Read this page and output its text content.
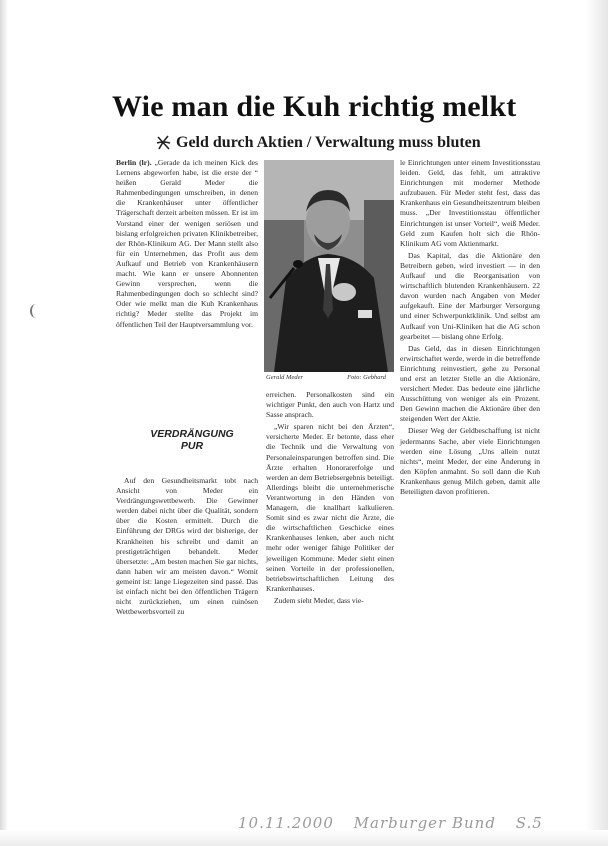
Wie man die Kuh richtig melkt
Geld durch Aktien / Verwaltung muss bluten

Berlin (lr). „Gerade da ich meinen Kick des Lernens abgeworfen habe, ist die erste der “ heißen Gerald Meder die Rahmenbedingungen umschreiben, in denen die Krankenhäuser unter öffentlicher Trägerschaft derzeit arbeiten müssen. Er ist im Vorstand einer der wenigen seriösen und bislang erfolgreichen privaten Klinikbetreiber, der Rhön-Klinikum AG. Der Mann stellt also für ein Unternehmen, das Profit aus dem Aufkauf und Betrieb von Krankenhäusern macht. Wie kann er unsere Abonnenten Gewinn versprechen, wenn die Rahmenbedingungen doch so schlecht sind? Oder wie melkt man die Kuh Krankenhaus richtig? Meder stellte das Projekt im öffentlichen Teil der Hauptversammlung vor.

VERDRÄNGUNG PUR

Auf den Gesundheitsmarkt tobt nach Ansicht von Meder ein Verdrängungswettbewerb. Die Gewinner werden dabei nicht über die Qualität, sondern über die Kosten ermittelt. Durch die Einführung der DRGs wird der bisherige, der Krankheiten bis schreibt und damit an prestigeträchtigen behandelt. Meder übersetzte: „Am besten machen Sie gar nichts, dann haben wir am meisten davon.“ Womit gemeint ist: lange Liegezeiten sind passé. Das ist einfach nicht bei den öffentlichen Trägern nicht zurückziehen, um einen ruinösen Wettbewerbsvorteil zu

Gerald Meder	Foto: Gebhard

erreichen. Personalkosten sind ein wichtiger Punkt, den auch von Hartz und Sasse ansprach.

„Wir sparen nicht bei den Ärzten“, versicherte Meder. Er betonte, dass eher die Technik und die Verwaltung von Personaleinsparungen betroffen sind. Die Ärzte erhalten Honorarerfolge und werden an dem Betriebsergebnis beteiligt. Allerdings bleibt die unternehmerische Verantwortung in den Händen von Managern, die knallhart kalkulieren. Somit sind es zwar nicht die Ärzte, die die wirtschaftlichen Geschicke eines Krankenhauses lenken, aber auch nicht mehr oder weniger fähige Politiker der jeweiligen Kommune. Meder sieht einen seinen Vorteile in der professionellen, betriebswirtschaftlichen Leitung des Krankenhauses.

Zudem sieht Meder, dass vie-

le Einrichtungen unter einem Investitionsstau leiden. Geld, das fehlt, um attraktive Einrichtungen mit moderner Methode aufzubauen. Für Meder steht fest, dass das Krankenhaus ein Gesundheitszentrum bleiben muss. „Der Investitionsstau öffentlicher Einrichtungen ist unser Vorteil“, weiß Meder. Geld zum Kaufen holt sich die Rhön-Klinikum AG vom Aktienmarkt.

Das Kapital, das die Aktionäre den Betreibern geben, wird investiert — in den Aufkauf und die Reorganisation von wirtschaftlich blutenden Krankenhäusern. 22 davon wurden nach Angaben von Meder aufgekauft. Eine der Marburger Versorgung und einer Schwerpunktklinik. Und selbst am Aufkauf von Uni-Kliniken hat die AG schon gearbeitet — bislang ohne Erfolg.

Das Geld, das in diesen Einrichtungen erwirtschaftet werde, werde in die betreffende Einrichtung reinvestiert, gehe zu Personal und erst an letzter Stelle an die Aktionäre, versichert Meder. Das bedeute eine jährliche Ausschüttung von weniger als ein Prozent. Den Gewinn machen die Aktionäre über den steigenden Wert der Aktie.

Dieser Weg der Geldbeschaffung ist nicht jedermanns Sache, aber viele Einrichtungen werden eine Lösung „Uns allein nutzt nichts“, meint Meder, der eine Änderung in den Köpfen anmahnt. So soll dann die Kuh Krankenhaus genug Milch geben, damit alle Beteiligten davon profitieren.

10.11.2000 Marburger Bund S.5
